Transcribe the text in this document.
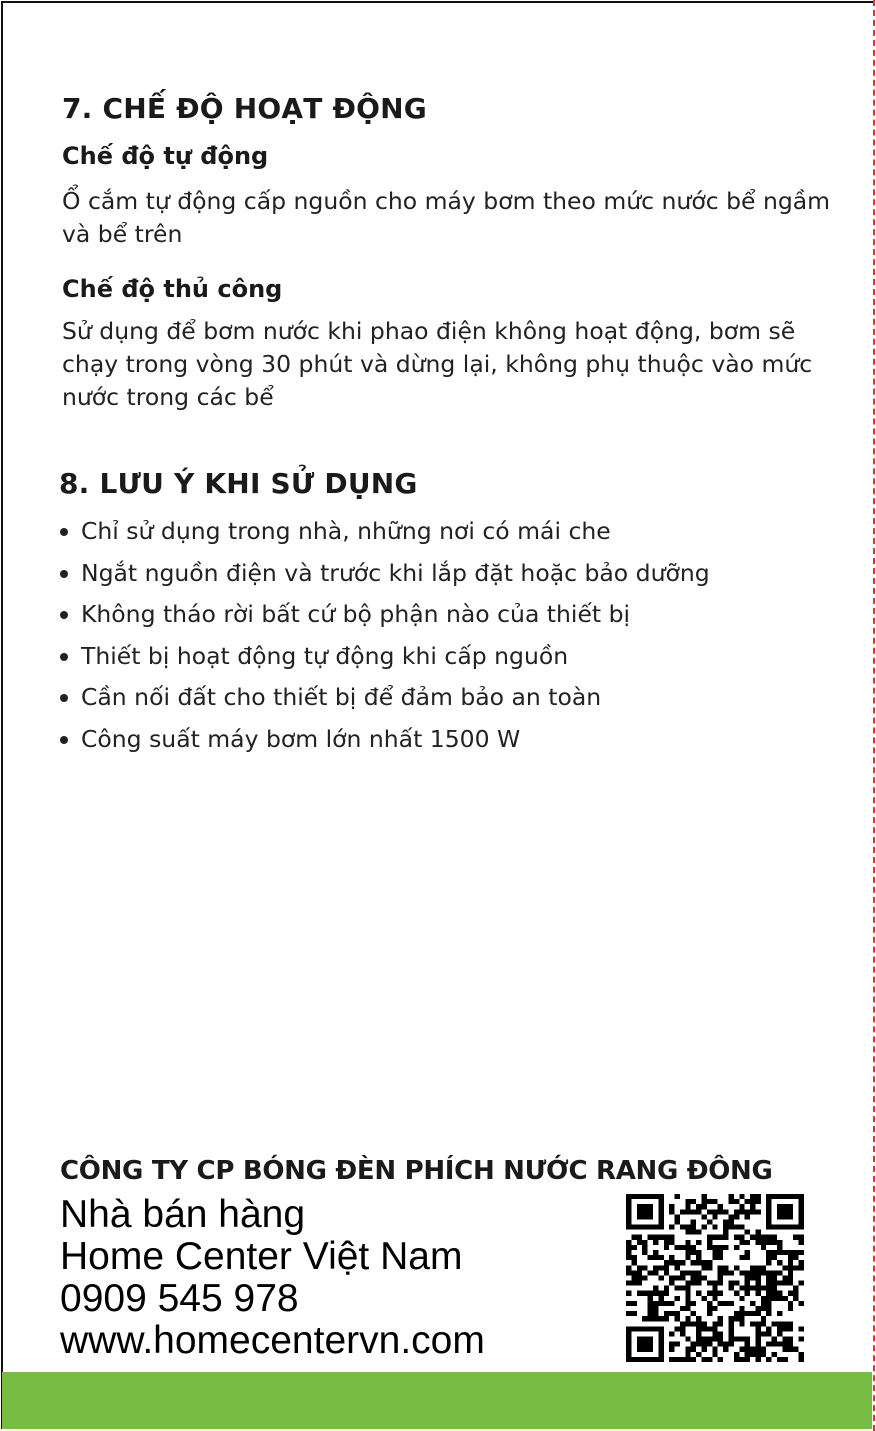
7. CHẾ ĐỘ HOẠT ĐỘNG
Chế độ tự động

Ổ cắm tự động cấp nguồn cho máy bơm theo mức nước bể ngầm và bể trên

Chế độ thủ công

Sử dụng để bơm nước khi phao điện không hoạt động, bơm sẽ chạy trong vòng 30 phút và dừng lại, không phụ thuộc vào mức nước trong các bể

8. LƯU Ý KHI SỬ DỤNG
Chỉ sử dụng trong nhà, những nơi có mái che
Ngắt nguồn điện và trước khi lắp đặt hoặc bảo dưỡng
Không tháo rời bất cứ bộ phận nào của thiết bị
Thiết bị hoạt động tự động khi cấp nguồn
Cần nối đất cho thiết bị để đảm bảo an toàn
Công suất máy bơm lớn nhất 1500 W
CÔNG TY CP BÓNG ĐÈN PHÍCH NƯỚC RANG ĐÔNG
Nhà bán hàng
Home Center Việt Nam
0909 545 978
www.homecentervn.com
